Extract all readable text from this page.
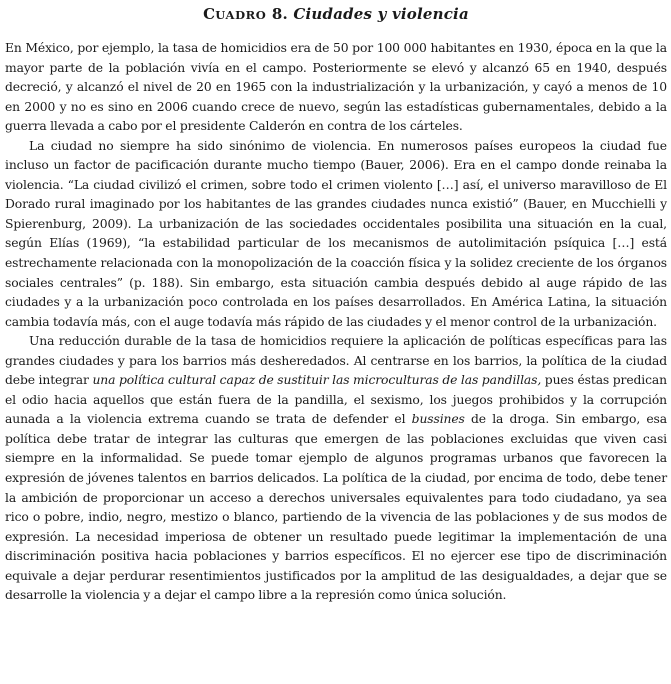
CUADRO 8. Ciudades y violencia

En México, por ejemplo, la tasa de homicidios era de 50 por 100 000 habitantes en 1930, época en la que la mayor parte de la población vivía en el campo. Posteriormente se elevó y alcanzó 65 en 1940, después decreció, y alcanzó el nivel de 20 en 1965 con la industrialización y la urbanización, y cayó a menos de 10 en 2000 y no es sino en 2006 cuando crece de nuevo, según las estadísticas gubernamentales, debido a la guerra llevada a cabo por el presidente Calderón en contra de los cárteles.

La ciudad no siempre ha sido sinónimo de violencia. En numerosos países europeos la ciudad fue incluso un factor de pacificación durante mucho tiempo (Bauer, 2006). Era en el campo donde reinaba la violencia. “La ciudad civilizó el crimen, sobre todo el crimen violento […] así, el universo maravilloso de El Dorado rural imaginado por los habitantes de las grandes ciudades nunca existió” (Bauer, en Mucchielli y Spierenburg, 2009). La urbanización de las sociedades occidentales posibilita una situación en la cual, según Elías (1969), “la estabilidad particular de los mecanismos de autolimitación psíquica […] está estrechamente relacionada con la monopolización de la coacción física y la solidez creciente de los órganos sociales centrales” (p. 188). Sin embargo, esta situación cambia después debido al auge rápido de las ciudades y a la urbanización poco controlada en los países desarrollados. En América Latina, la situación cambia todavía más, con el auge todavía más rápido de las ciudades y el menor control de la urbanización.

Una reducción durable de la tasa de homicidios requiere la aplicación de políticas específicas para las grandes ciudades y para los barrios más desheredados. Al centrarse en los barrios, la política de la ciudad debe integrar una política cultural capaz de sustituir las microculturas de las pandillas, pues éstas predican el odio hacia aquellos que están fuera de la pandilla, el sexismo, los juegos prohibidos y la corrupción aunada a la violencia extrema cuando se trata de defender el bussines de la droga. Sin embargo, esa política debe tratar de integrar las culturas que emergen de las poblaciones excluidas que viven casi siempre en la informalidad. Se puede tomar ejemplo de algunos programas urbanos que favorecen la expresión de jóvenes talentos en barrios delicados. La política de la ciudad, por encima de todo, debe tener la ambición de proporcionar un acceso a derechos universales equivalentes para todo ciudadano, ya sea rico o pobre, indio, negro, mestizo o blanco, partiendo de la vivencia de las poblaciones y de sus modos de expresión. La necesidad imperiosa de obtener un resultado puede legitimar la implementación de una discriminación positiva hacia poblaciones y barrios específicos. El no ejercer ese tipo de discriminación equivale a dejar perdurar resentimientos justificados por la amplitud de las desigualdades, a dejar que se desarrolle la violencia y a dejar el campo libre a la represión como única solución.
